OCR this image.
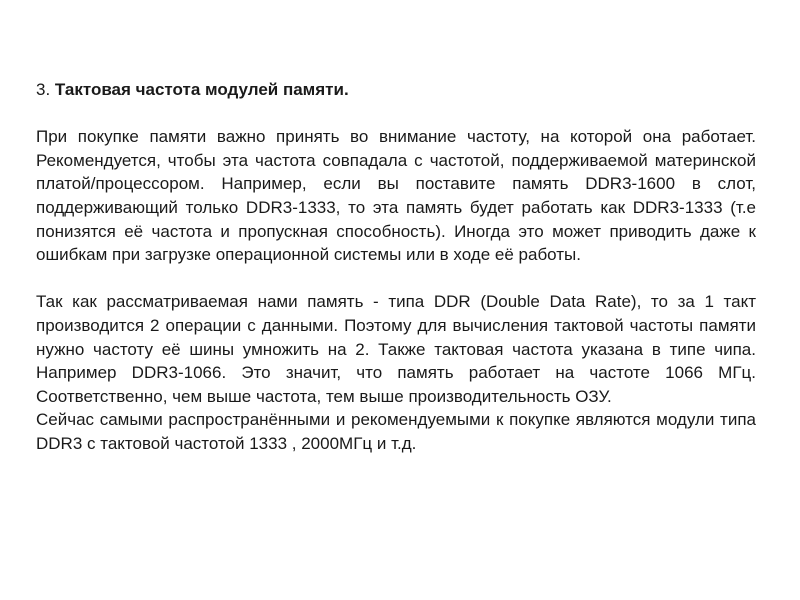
3. Тактовая частота модулей памяти.

При покупке памяти важно принять во внимание частоту, на которой она работает. Рекомендуется, чтобы эта частота совпадала с частотой, поддерживаемой материнской платой/процессором. Например, если вы поставите память DDR3-1600 в слот, поддерживающий только DDR3-1333, то эта память будет работать как DDR3-1333 (т.е понизятся её частота и пропускная способность). Иногда это может приводить даже к ошибкам при загрузке операционной системы или в ходе её работы.

Так как рассматриваемая нами память - типа DDR (Double Data Rate), то за 1 такт производится 2 операции с данными. Поэтому для вычисления тактовой частоты памяти нужно частоту её шины умножить на 2. Также тактовая частота указана в типе чипа. Например DDR3-1066. Это значит, что память работает на частоте 1066 МГц. Соответственно, чем выше частота, тем выше производительность ОЗУ.

Сейчас самыми распространёнными и рекомендуемыми к покупке являются модули типа DDR3 с тактовой частотой 1333 , 2000МГц и т.д.
